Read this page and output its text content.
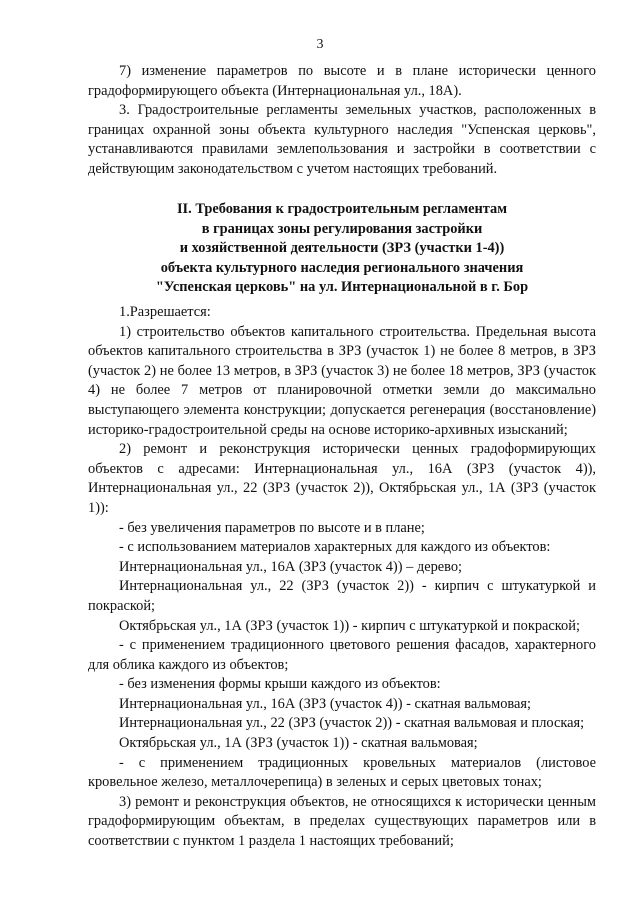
3

7) изменение параметров по высоте и в плане исторически ценного градоформирующего объекта (Интернациональная ул., 18А).

3. Градостроительные регламенты земельных участков, расположенных в границах охранной зоны объекта культурного наследия "Успенская церковь", устанавливаются правилами землепользования и застройки в соответствии с действующим законодательством с учетом настоящих требований.

II. Требования к градостроительным регламентам
в границах зоны регулирования застройки
и хозяйственной деятельности (ЗРЗ (участки 1-4))
объекта культурного наследия регионального значения
"Успенская церковь" на ул. Интернациональной в г. Бор

1.Разрешается:

1) строительство объектов капитального строительства. Предельная высота объектов капитального строительства в ЗРЗ (участок 1) не более 8 метров, в ЗРЗ (участок 2) не более 13 метров, в ЗРЗ (участок 3) не более 18 метров, ЗРЗ (участок 4) не более 7 метров от планировочной отметки земли до максимально выступающего элемента конструкции; допускается регенерация (восстановление) историко-градостроительной среды на основе историко-архивных изысканий;

2) ремонт и реконструкция исторически ценных градоформирующих объектов с адресами: Интернациональная ул., 16А (ЗРЗ (участок 4)), Интернациональная ул., 22 (ЗРЗ (участок 2)), Октябрьская ул., 1А (ЗРЗ (участок 1)):

- без увеличения параметров по высоте и в плане;

- с использованием материалов характерных для каждого из объектов:

Интернациональная ул., 16А (ЗРЗ (участок 4)) – дерево;

Интернациональная ул., 22 (ЗРЗ (участок 2)) - кирпич с штукатуркой и покраской;

Октябрьская ул., 1А (ЗРЗ (участок 1)) - кирпич с штукатуркой и покраской;

- с применением традиционного цветового решения фасадов, характерного для облика каждого из объектов;

- без изменения формы крыши каждого из объектов:

Интернациональная ул., 16А (ЗРЗ (участок 4)) - скатная вальмовая;

Интернациональная ул., 22 (ЗРЗ (участок 2)) - скатная вальмовая и плоская;

Октябрьская ул., 1А (ЗРЗ (участок 1)) - скатная вальмовая;

- с применением традиционных кровельных материалов (листовое кровельное железо, металлочерепица) в зеленых и серых цветовых тонах;

3) ремонт и реконструкция объектов, не относящихся к исторически ценным градоформирующим объектам, в пределах существующих параметров или в соответствии с пунктом 1 раздела 1 настоящих требований;
